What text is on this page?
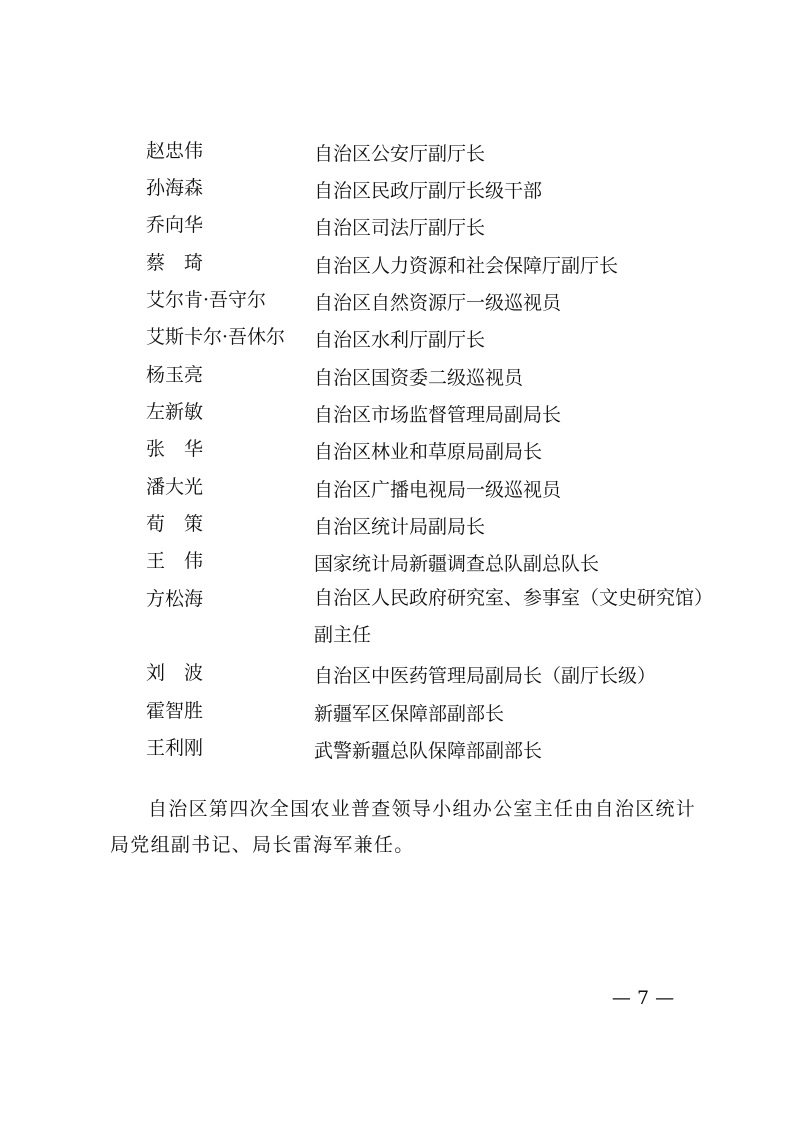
赵忠伟	自治区公安厅副厅长
孙海森	自治区民政厅副厅长级干部
乔向华	自治区司法厅副厅长
蔡　琦	自治区人力资源和社会保障厅副厅长
艾尔肯·吾守尔	自治区自然资源厅一级巡视员
艾斯卡尔·吾休尔 自治区水利厅副厅长
杨玉亮	自治区国资委二级巡视员
左新敏	自治区市场监督管理局副局长
张　华	自治区林业和草原局副局长
潘大光	自治区广播电视局一级巡视员
荀　策	自治区统计局副局长
王　伟	国家统计局新疆调查总队副总队长
方松海	自治区人民政府研究室、参事室（文史研究馆）副主任
刘　波	自治区中医药管理局副局长（副厅长级）
霍智胜	新疆军区保障部副部长
王利刚	武警新疆总队保障部副部长

自治区第四次全国农业普查领导小组办公室主任由自治区统计局党组副书记、局长雷海军兼任。

— 7 —
